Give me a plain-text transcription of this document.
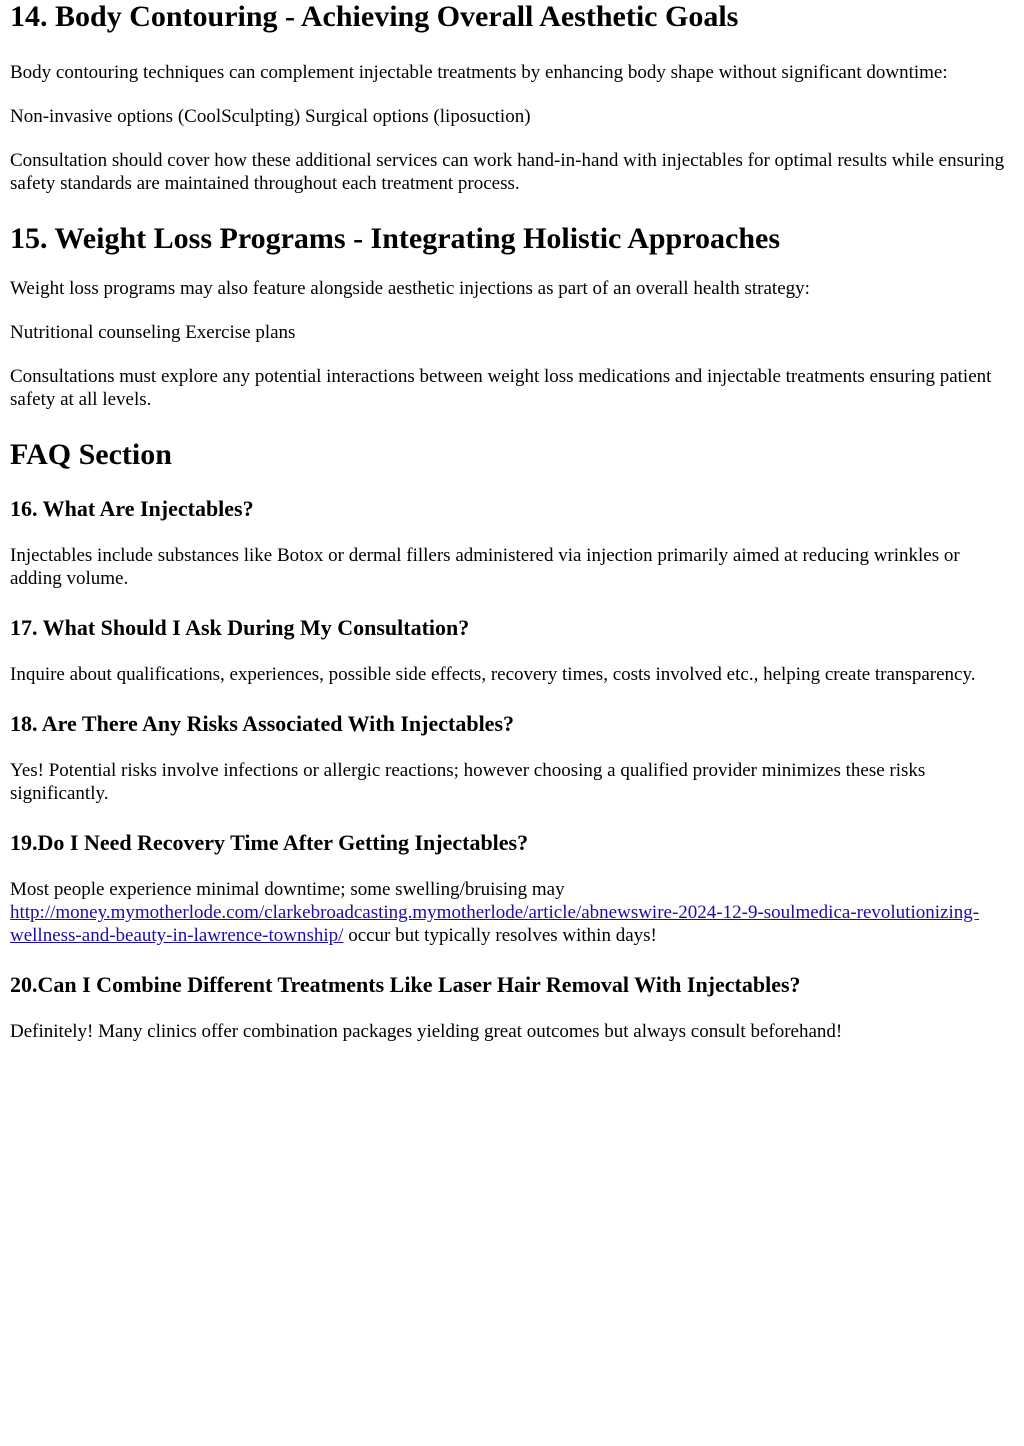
14. Body Contouring - Achieving Overall Aesthetic Goals

Body contouring techniques can complement injectable treatments by enhancing body shape without significant downtime:

Non-invasive options (CoolSculpting) Surgical options (liposuction)

Consultation should cover how these additional services can work hand-in-hand with injectables for optimal results while ensuring safety standards are maintained throughout each treatment process.

15. Weight Loss Programs - Integrating Holistic Approaches

Weight loss programs may also feature alongside aesthetic injections as part of an overall health strategy:

Nutritional counseling Exercise plans

Consultations must explore any potential interactions between weight loss medications and injectable treatments ensuring patient safety at all levels.

FAQ Section
16. What Are Injectables?

Injectables include substances like Botox or dermal fillers administered via injection primarily aimed at reducing wrinkles or adding volume.

17. What Should I Ask During My Consultation?

Inquire about qualifications, experiences, possible side effects, recovery times, costs involved etc., helping create transparency.

18. Are There Any Risks Associated With Injectables?

Yes! Potential risks involve infections or allergic reactions; however choosing a qualified provider minimizes these risks significantly.

19.Do I Need Recovery Time After Getting Injectables?

Most people experience minimal downtime; some swelling/bruising may
http://money.mymotherlode.com/clarkebroadcasting.mymotherlode/article/abnewswire-2024-12-9-soulmedica-revolutionizing-wellness-and-beauty-in-lawrence-township/ occur but typically resolves within days!

20.Can I Combine Different Treatments Like Laser Hair Removal With Injectables?

Definitely! Many clinics offer combination packages yielding great outcomes but always consult beforehand!
